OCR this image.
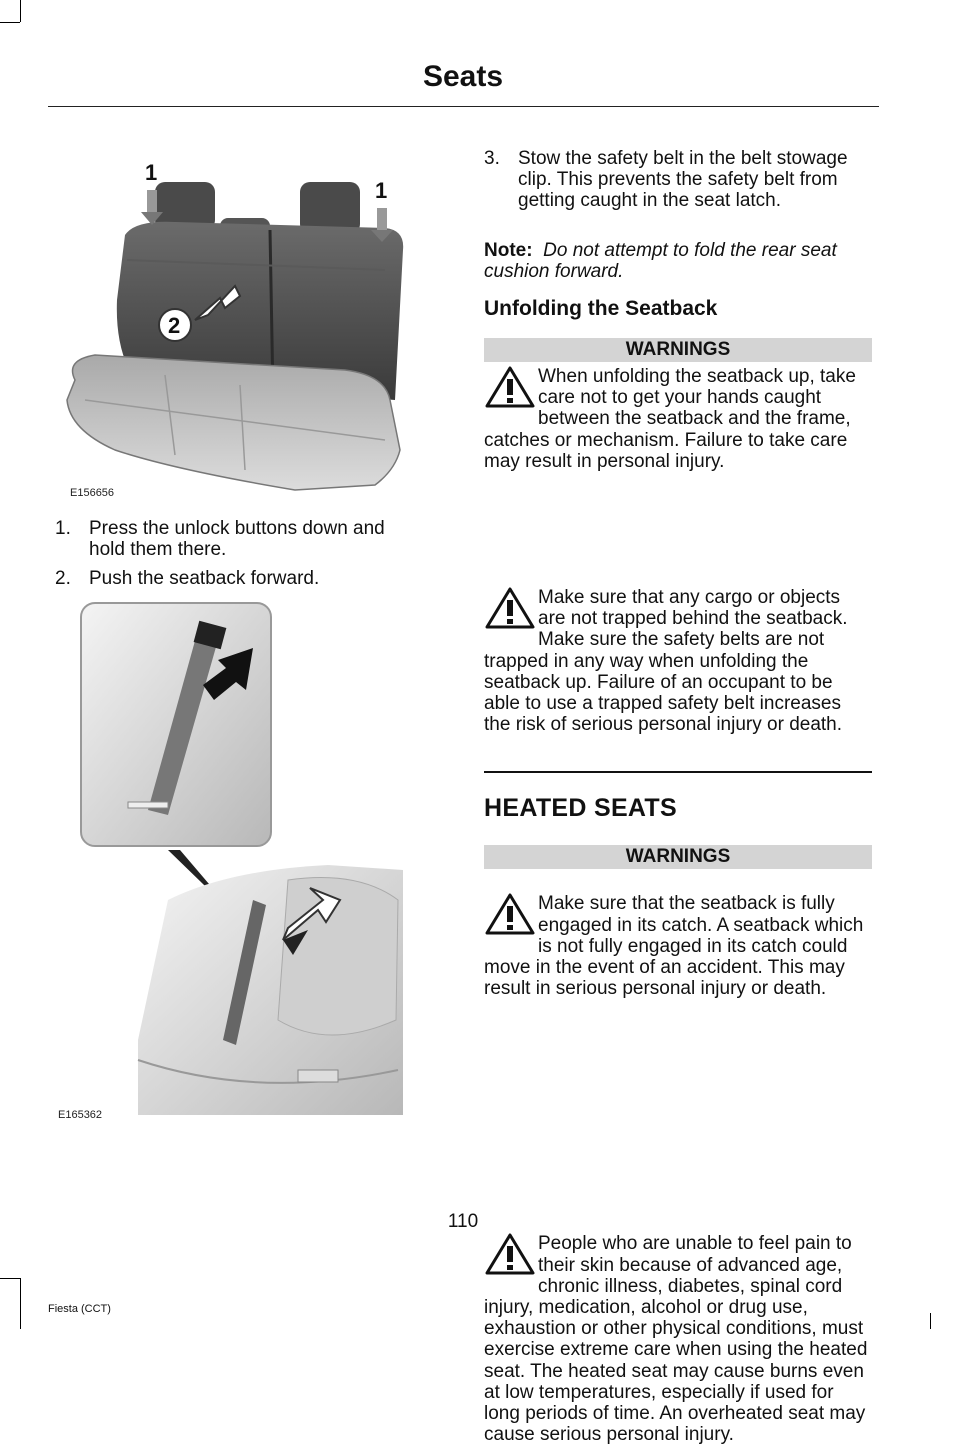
Seats
1
1
2
E156656
1. Press the unlock buttons down and hold them there.
2. Push the seatback forward.
E165362
3. Stow the safety belt in the belt stowage clip. This prevents the safety belt from getting caught in the seat latch.
Note: Do not attempt to fold the rear seat cushion forward.
Unfolding the Seatback
WARNINGS
When unfolding the seatback up, take care not to get your hands caught between the seatback and the frame, catches or mechanism. Failure to take care may result in personal injury.
Make sure that any cargo or objects are not trapped behind the seatback. Make sure the safety belts are not trapped in any way when unfolding the seatback up. Failure of an occupant to be able to use a trapped safety belt increases the risk of serious personal injury or death.
Make sure that the seatback is fully engaged in its catch. A seatback which is not fully engaged in its catch could move in the event of an accident. This may result in serious personal injury or death.
HEATED SEATS
WARNINGS
People who are unable to feel pain to their skin because of advanced age, chronic illness, diabetes, spinal cord injury, medication, alcohol or drug use, exhaustion or other physical conditions, must exercise extreme care when using the heated seat. The heated seat may cause burns even at low temperatures, especially if used for long periods of time. An overheated seat may cause serious personal injury.
110
Fiesta (CCT)
